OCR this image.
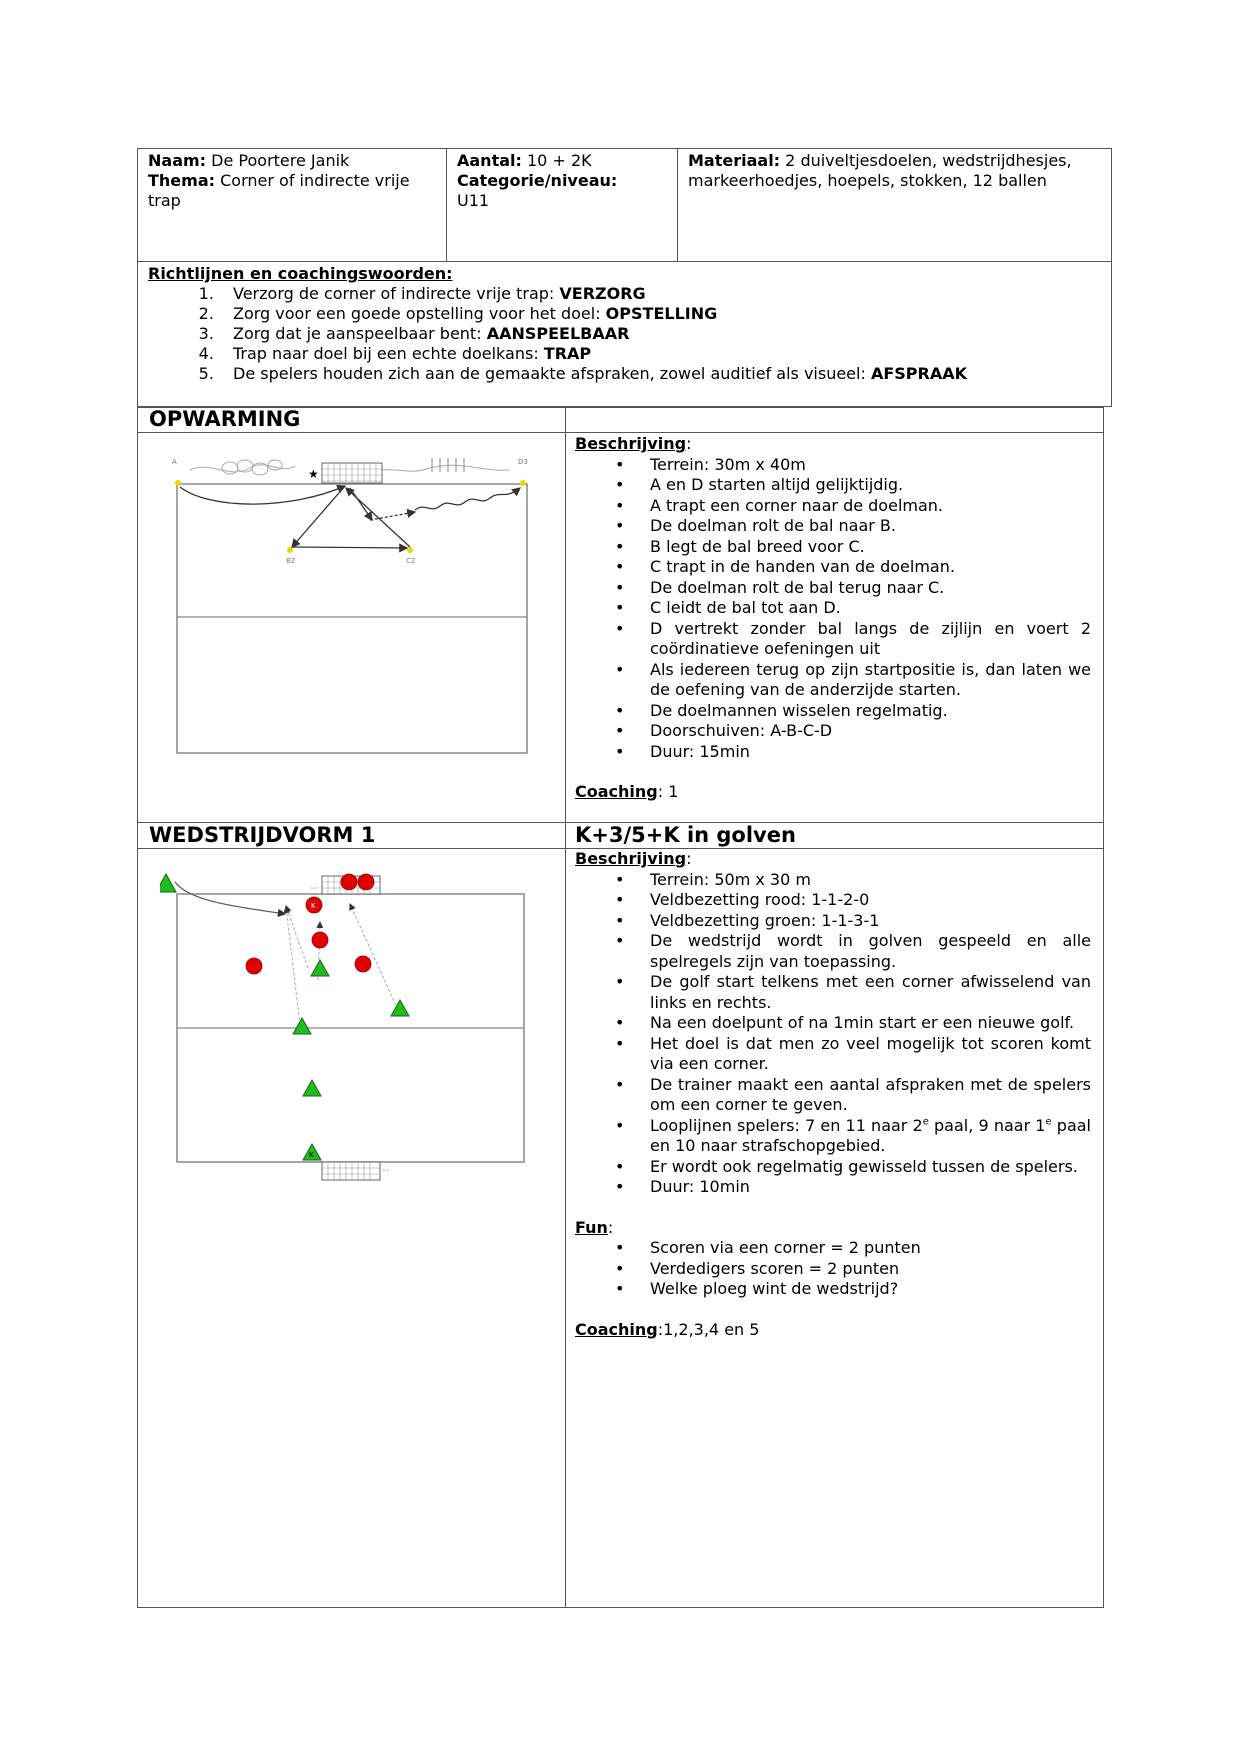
Naam: De Poortere Janik
Thema: Corner of indirecte vrije trap
Aantal: 10 + 2K
Categorie/niveau:
U11
Materiaal: 2 duiveltjesdoelen, wedstrijdhesjes, markeerhoedjes, hoepels, stokken, 12 ballen
Richtlijnen en coachingswoorden:
1. Verzorg de corner of indirecte vrije trap: VERZORG
2. Zorg voor een goede opstelling voor het doel: OPSTELLING
3. Zorg dat je aanspeelbaar bent: AANSPEELBAAR
4. Trap naar doel bij een echte doelkans: TRAP
5. De spelers houden zich aan de gemaakte afspraken, zowel auditief als visueel: AFSPRAAK
OPWARMING
★
A	D3
B2	C2
Beschrijving:
• Terrein: 30m x 40m
• A en D starten altijd gelijktijdig.
• A trapt een corner naar de doelman.
• De doelman rolt de bal naar B.
• B legt de bal breed voor C.
• C trapt in de handen van de doelman.
• De doelman rolt de bal terug naar C.
• C leidt de bal tot aan D.
• D vertrekt zonder bal langs de zijlijn en voert 2 coördinatieve oefeningen uit
• Als iedereen terug op zijn startpositie is, dan laten we de oefening van de anderzijde starten.
• De doelmannen wisselen regelmatig.
• Doorschuiven: A-B-C-D
• Duur: 15min
Coaching: 1
WEDSTRIJDVORM 1	K+3/5+K in golven
∘∘
∘∘
K
K
Beschrijving:
• Terrein: 50m x 30 m
• Veldbezetting rood: 1-1-2-0
• Veldbezetting groen: 1-1-3-1
• De wedstrijd wordt in golven gespeeld en alle spelregels zijn van toepassing.
• De golf start telkens met een corner afwisselend van links en rechts.
• Na een doelpunt of na 1min start er een nieuwe golf.
• Het doel is dat men zo veel mogelijk tot scoren komt via een corner.
• De trainer maakt een aantal afspraken met de spelers om een corner te geven.
• Looplijnen spelers: 7 en 11 naar 2e paal, 9 naar 1e paal en 10 naar strafschopgebied.
• Er wordt ook regelmatig gewisseld tussen de spelers.
• Duur: 10min
Fun:
• Scoren via een corner = 2 punten
• Verdedigers scoren = 2 punten
• Welke ploeg wint de wedstrijd?
Coaching:1,2,3,4 en 5
